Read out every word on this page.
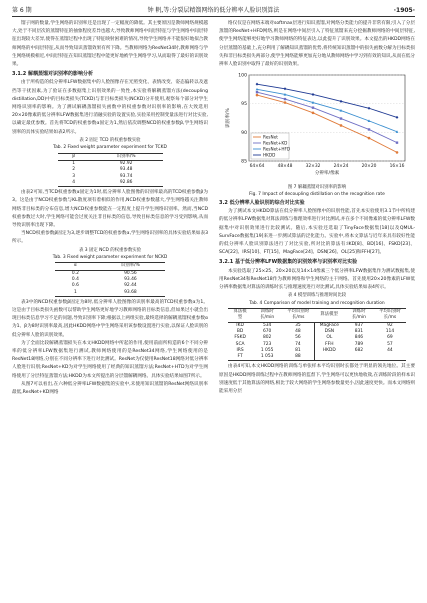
第 6 期	钟 帆,等:分裂层精馏网络的低分辨率人脸识别算法	·1905·

馏子网的数量,学生网络的识别率还是出现了一定幅度的降低。其主要原因是教师网络规模越大,处于不同层次的蒸馏特征的抽象程度差异也越大,导致教师网络中间层特征与学生网络中间层特征出现较大差异,使得在蒸馏过程中出现了特征映射困难的情况,导致学生网络并不能很好地拟合教师网络的中间层特征,从而导致知识蒸馏效果有所下降。当教师网络为ResNet34时,教师网络与学生网络规模相近,中间层特征在知识蒸馏过程中能更好地被学生网络学习,从而取得了最好的识别效果。

3.1.2 解耦蒸馏对识别率的影响分析

由于所构造的低分辨率LFW数据集中的人脸图像存在光照变化、表情改变、姿态偏转以及遮挡等干扰因素,为了验证在多数据集上识别效果的一致性,本实验将解耦蒸馏方法(decoupling distillation,DD)中的目标类损失(TCKD)与非目标类损失(NCKD)分开使用,观察每个部分对学生网络识别率的影响。为了测试解耦蒸馏损失函数中的权重参数对识别率的影响,在大致选用20×20像素的低分辨率LFW数据集进行消融实验的设置实验,实验采用控制变量法进行对比实验,以确定最优参数。首先将TCD的权重参数α固定为1,然后依次调整NCD的权重参数β,学生网络识别率的具体实验结果如表2所示。

表 2 固定 TCD 的权重参数实验
Tab. 2 Fixed weight parameter experiment for TCKD
β	识别率/%
1	92.92
2	93.48
3	93.74
4	92.86

由表2可知,当TCD权重参数α固定为1时,低分辨率人脸图像的识别率最高的TCD权重参数β为3。这是由于NCD权重参数与KL散度项有着相似的作用,NCD权重参数越大,学生网络越关注教师网络非目标类的分布信息,增大NCD权重参数能在一定程度上提升学生网络识别率。然而,当NCD权重参数过大时,学生网络可能会过度关注非目标类的信息,导致目标类信息的学习受到影响,从而导致识别率出现下降。

当NCD权重参数β固定为3,逐步调整TCD的权重参数α,学生网络识别率的具体实验结果如表3所示。

表 3 固定 NCD 的权重参数实验
Tab. 3 Fixed weight parameter experiment for NCKD
α	识别率/%
0.2	90.56
0.4	93.46
0.6	92.44
1	93.68

表3中的NCD权重参数β固定为8时,低分辨率人脸图像的识别率最高的TCD权重参数α为1。这是由于目标类损失函数可以帮助学生网络更好地学习教师网络的目标类信息,但如果过小就会出现目标类信息学习不足的问题,导致识别率下降;根据以上两组实验,最终选择的解耦蒸馏权重参数α为1、β为8时识别率最高,因此HKDD网络中学生网络采用该参数设置进行实验,以保证人脸识别的低分辨率人脸的识别效果。

为了全面比较解耦蒸馏损失在本文HKDD网络中所起的作用,使用前面所构造的6个不同分辨率的低分辨率LFW数据集进行测试,教师网络使用的是ResNet34网络,学生网络使用的是ResNet18网络,分别在不同分辨率下进行对比测试。ResNet为仅使用ResNet18网络对低分辨率人脸进行识别;ResNet+KD为对学生网络使用了经典的知识蒸馏方法;ResNet+HTD为对学生网络使用了分层特征蒸馏方法;HKDD为本文所提出的分层馏解耦网络。具体实验结果如图7所示。

从图7可以看出,在六种低分辨率LFW数据集的实验中,未使用知识蒸馏的ResNet网络识别率最低,ResNet+KD网络

络仅仅是在网络末端对softmax层进行知识蒸馏,对网络分类能力的提升非常有限;引入了分层蒸馏的ResNet+HFD网络,则是在网络中间层引入了特征蒸馏来充分挖掘教师网络的中间层特征,使学生网络能够更好地学习教师网络的特征表达,以此提升了识别效果。本文提出的HKDD网络在分层蒸馏的基础上,充分利用了解耦知识蒸馏的优势,将传统知识蒸馏中的损失函数分解为目标类损失和非目标类损失两部分,使学生网络能够更加充分地从教师网络中学习到有效的知识,从而在低分辨率人脸识别中取得了最好的识别效果。

85
90
95
100
64×64	48×48	32×32	24×24	20×20	16×16
分辨率/像素
识别率/%
ResNet
ResNet+KD
ResNet+HFD
HKDD
图 7 解耦蒸馏对识别率的影响
Fig. 7 Impact of decoupling distillation on the recognition rate

3.2 低分辨率人脸识别的综合对比实验

为了测试本文HKDD算法在低分辨率人脸图像中的识别性能,首先本实验使用3.1节中所构建的低分辨率LFW数据集对算法训练与推理效率进行对比测试,并在多个不同像素的低分辨率LFW数据集中对识别效果进行比较测试。随后,本实验还选取了TinyFace数据集[18]以及QMUL-SurvFace数据集[19]来进一步测试算法的泛化能力。实验中,将本文算法与近年来具有较好性能的低分辨率人脸识别算法进行了对比实验,所对比的算法有:IKD[8]、BD[16]、FSKD[23]、SCA[22]、IRS[10]、FT[15]、MagFace[24]、DSN[26]、OL[25]和FFH[27]。

3.2.1 基于低分辨率LFW数据集的识别效率与识别率对比实验

本实验选取了25×25、20×20以及14×14像素三个低分辨率LFW数据集作为测试数据集,使用ResNet34和ResNet18作为教师网络和学生网络的主干网络。首先使用20×20像素的LFW低分辨率数据集对算法的训练时长与推理速度进行对比测试,具体实验结果如表4所示。

表 4 模型训练与推理时间比较
Tab. 4 Comparison of model training and recognition duration
算法模型	训练时长/min	平均识别时长/ms	算法模型	训练时长/min	平均识别时长/ms
IKD	534	35	MagFace	937	92
BD	670	48	DSN	831	114
FSKD	802	56	OL	846	69
SCA	723	74	FFH	789	57
IRS	1 055	81	HKDD	682	44
FT	1 053	88			

由表4可知,本文HKDD网络的训练与单张样本平均识别时长都处于明显的领先地位。其主要原因是HKDD网络训练过程中在教师网络的监督下,学生网络可以更快地收敛,在训练阶段的样本识别速度低于其他算法的网络,相比于较大网络的学生网络参数量更小,因此速度更快。而本文网络则能采用分层
